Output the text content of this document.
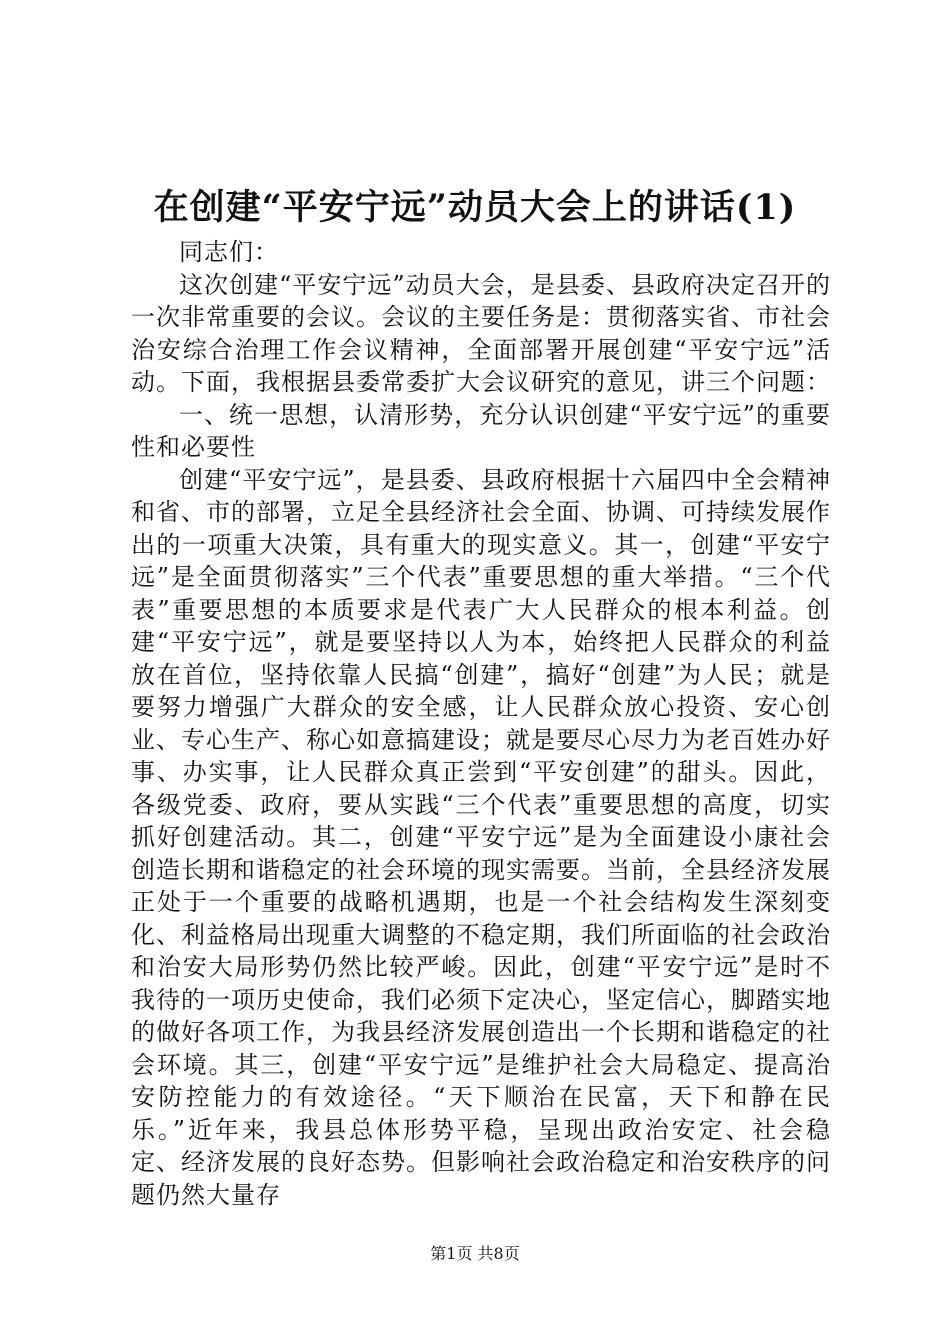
在创建“平安宁远”动员大会上的讲话(1)

同志们：

这次创建“平安宁远”动员大会，是县委、县政府决定召开的一次非常重要的会议。会议的主要任务是：贯彻落实省、市社会治安综合治理工作会议精神，全面部署开展创建“平安宁远”活动。下面，我根据县委常委扩大会议研究的意见，讲三个问题：

一、统一思想，认清形势，充分认识创建“平安宁远”的重要性和必要性

创建“平安宁远”，是县委、县政府根据十六届四中全会精神和省、市的部署，立足全县经济社会全面、协调、可持续发展作出的一项重大决策，具有重大的现实意义。其一，创建“平安宁远”是全面贯彻落实”三个代表”重要思想的重大举措。“三个代表”重要思想的本质要求是代表广大人民群众的根本利益。创建“平安宁远”，就是要坚持以人为本，始终把人民群众的利益放在首位，坚持依靠人民搞“创建”，搞好“创建”为人民；就是要努力增强广大群众的安全感，让人民群众放心投资、安心创业、专心生产、称心如意搞建设；就是要尽心尽力为老百姓办好事、办实事，让人民群众真正尝到“平安创建”的甜头。因此，各级党委、政府，要从实践“三个代表”重要思想的高度，切实抓好创建活动。其二，创建“平安宁远”是为全面建设小康社会创造长期和谐稳定的社会环境的现实需要。当前，全县经济发展正处于一个重要的战略机遇期，也是一个社会结构发生深刻变化、利益格局出现重大调整的不稳定期，我们所面临的社会政治和治安大局形势仍然比较严峻。因此，创建“平安宁远”是时不我待的一项历史使命，我们必须下定决心，坚定信心，脚踏实地的做好各项工作，为我县经济发展创造出一个长期和谐稳定的社会环境。其三，创建“平安宁远”是维护社会大局稳定、提高治安防控能力的有效途径。“天下顺治在民富，天下和静在民乐。”近年来，我县总体形势平稳，呈现出政治安定、社会稳定、经济发展的良好态势。但影响社会政治稳定和治安秩序的问题仍然大量存

第1页 共8页
